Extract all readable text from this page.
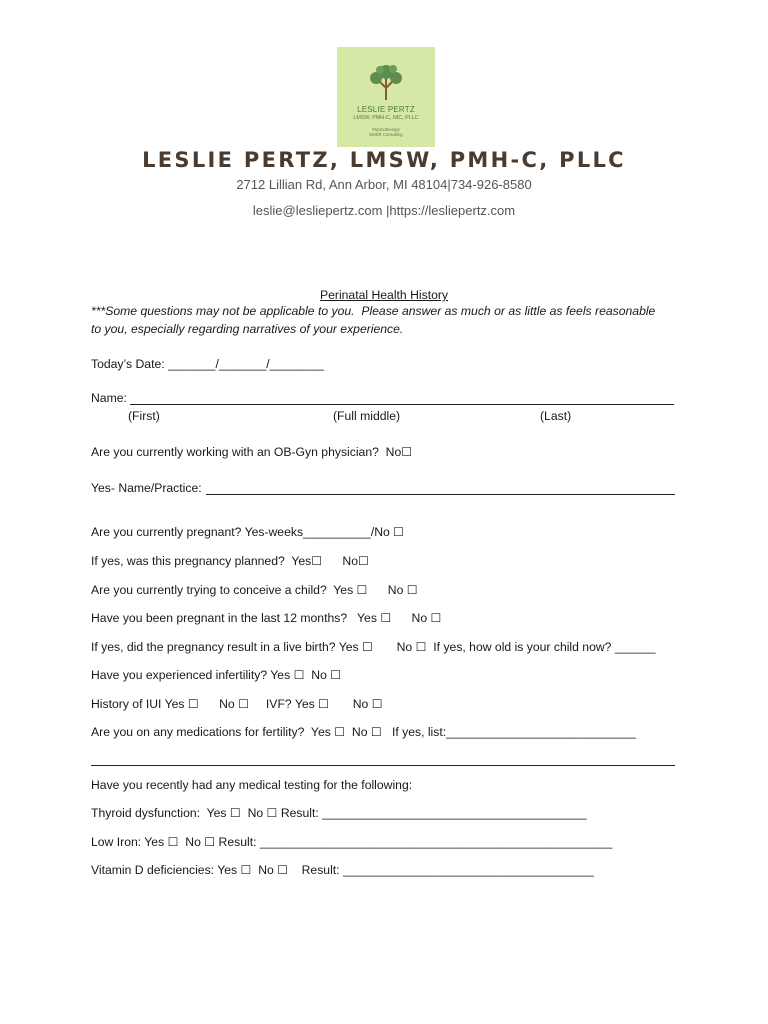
LESLIE PERTZ
LMSW, PMH-C, NIC, PLLC
Psychotherapy
EMDR Consulting
LESLIE PERTZ, LMSW, PMH-C, PLLC
2712 Lillian Rd, Ann Arbor, MI 48104|734-926-8580
leslie@lesliepertz.com |https://lesliepertz.com
Perinatal Health History
***Some questions may not be applicable to you.  Please answer as much or as little as feels reasonable
to you, especially regarding narratives of your experience.
Today’s Date: _______/_______/________
Name:
(First)	(Full middle)	(Last)
Are you currently working with an OB-Gyn physician?  No☐
Yes- Name/Practice:
Are you currently pregnant? Yes-weeks__________/No ☐
If yes, was this pregnancy planned?  Yes☐      No☐
Are you currently trying to conceive a child?  Yes ☐      No ☐
Have you been pregnant in the last 12 months?   Yes ☐      No ☐
If yes, did the pregnancy result in a live birth? Yes ☐       No ☐  If yes, how old is your child now? ______
Have you experienced infertility? Yes ☐  No ☐
History of IUI Yes ☐      No ☐     IVF? Yes ☐       No ☐
Are you on any medications for fertility?  Yes ☐  No ☐   If yes, list:____________________________
Have you recently had any medical testing for the following:
Thyroid dysfunction:  Yes ☐  No ☐ Result: _______________________________________
Low Iron: Yes ☐  No ☐ Result: ____________________________________________________
Vitamin D deficiencies: Yes ☐  No ☐    Result: _____________________________________
